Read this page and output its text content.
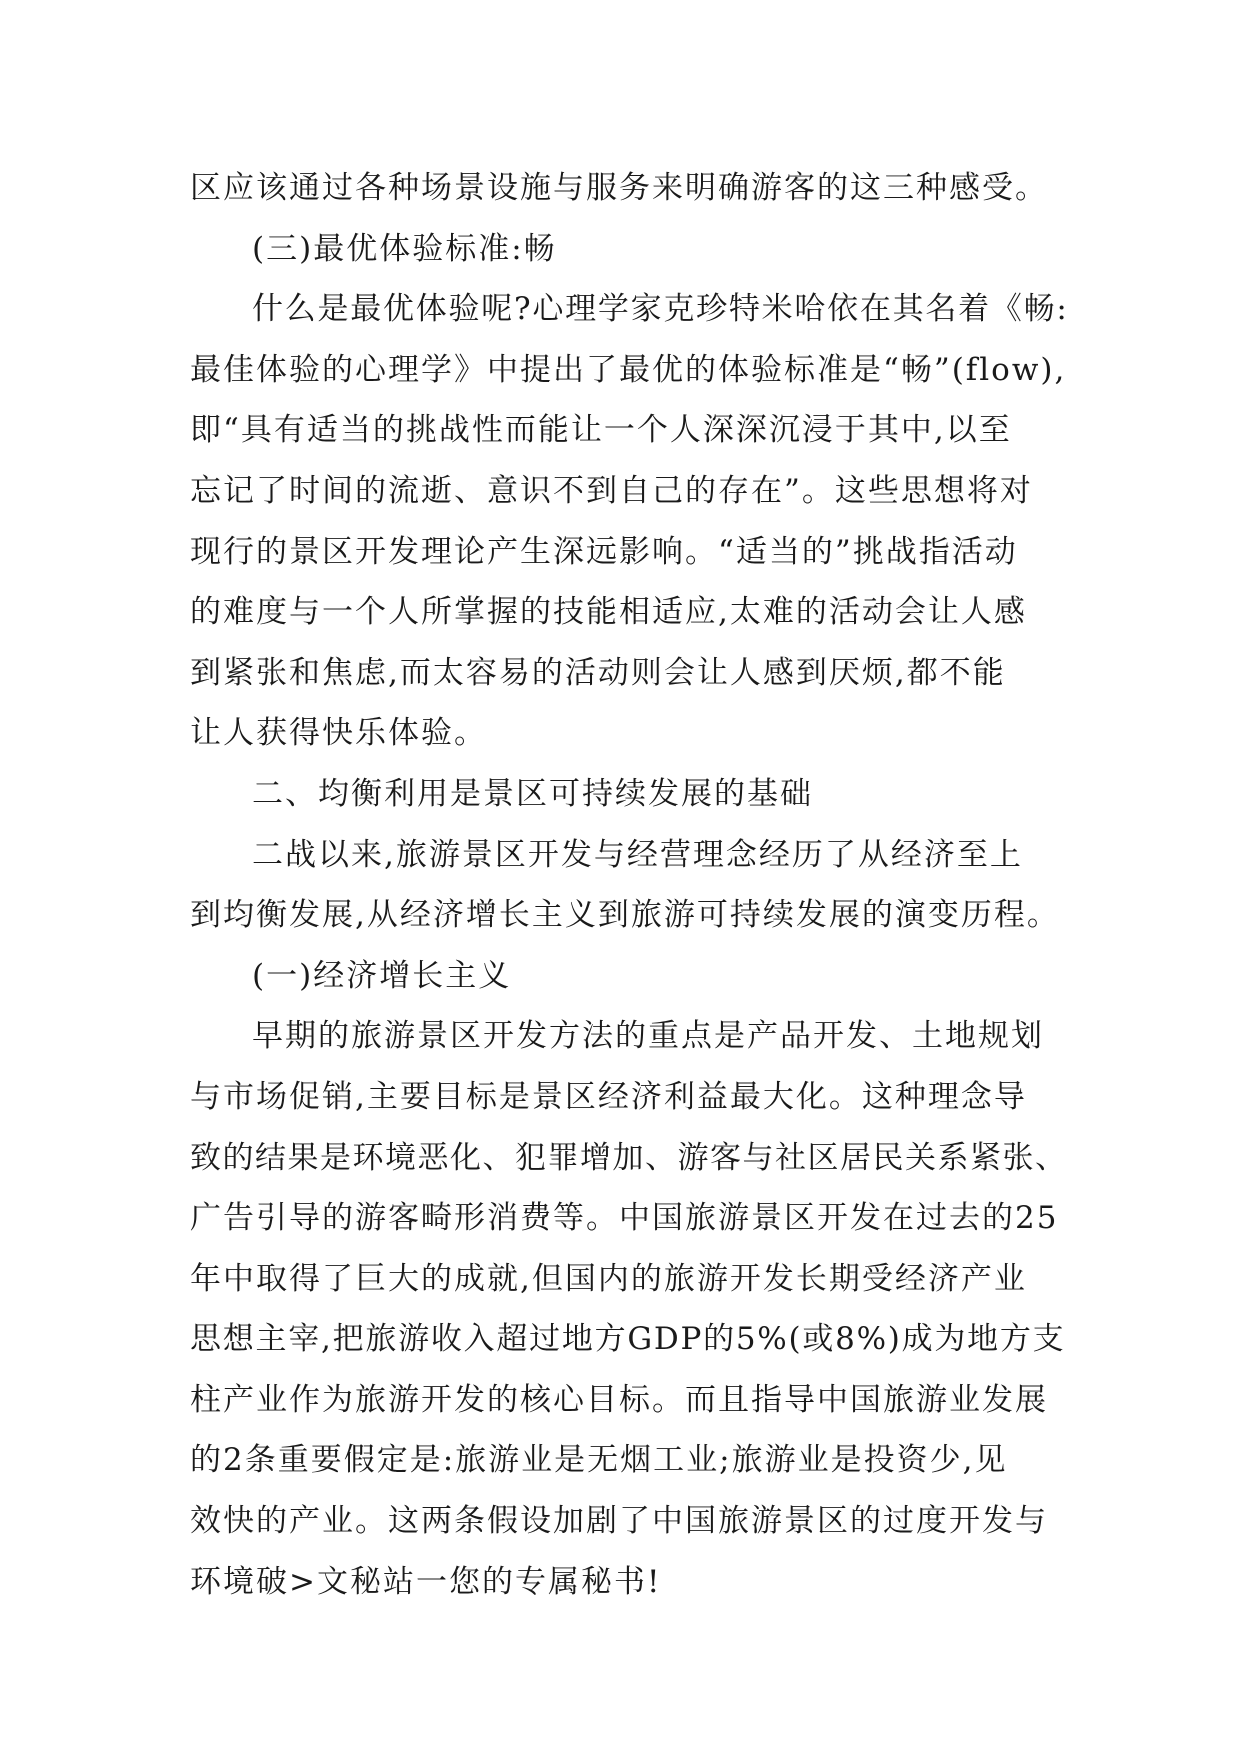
区应该通过各种场景设施与服务来明确游客的这三种感受。
(三)最优体验标准:畅
什么是最优体验呢?心理学家克珍特米哈依在其名着《畅:
最佳体验的心理学》中提出了最优的体验标准是“畅”(flow),
即“具有适当的挑战性而能让一个人深深沉浸于其中,以至
忘记了时间的流逝、意识不到自己的存在”。这些思想将对
现行的景区开发理论产生深远影响。“适当的”挑战指活动
的难度与一个人所掌握的技能相适应,太难的活动会让人感
到紧张和焦虑,而太容易的活动则会让人感到厌烦,都不能
让人获得快乐体验。
二、均衡利用是景区可持续发展的基础
二战以来,旅游景区开发与经营理念经历了从经济至上
到均衡发展,从经济增长主义到旅游可持续发展的演变历程。
(一)经济增长主义
早期的旅游景区开发方法的重点是产品开发、土地规划
与市场促销,主要目标是景区经济利益最大化。这种理念导
致的结果是环境恶化、犯罪增加、游客与社区居民关系紧张、
广告引导的游客畸形消费等。中国旅游景区开发在过去的25
年中取得了巨大的成就,但国内的旅游开发长期受经济产业
思想主宰,把旅游收入超过地方GDP的5%(或8%)成为地方支
柱产业作为旅游开发的核心目标。而且指导中国旅游业发展
的2条重要假定是:旅游业是无烟工业;旅游业是投资少,见
效快的产业。这两条假设加剧了中国旅游景区的过度开发与
环境破>文秘站一您的专属秘书!
